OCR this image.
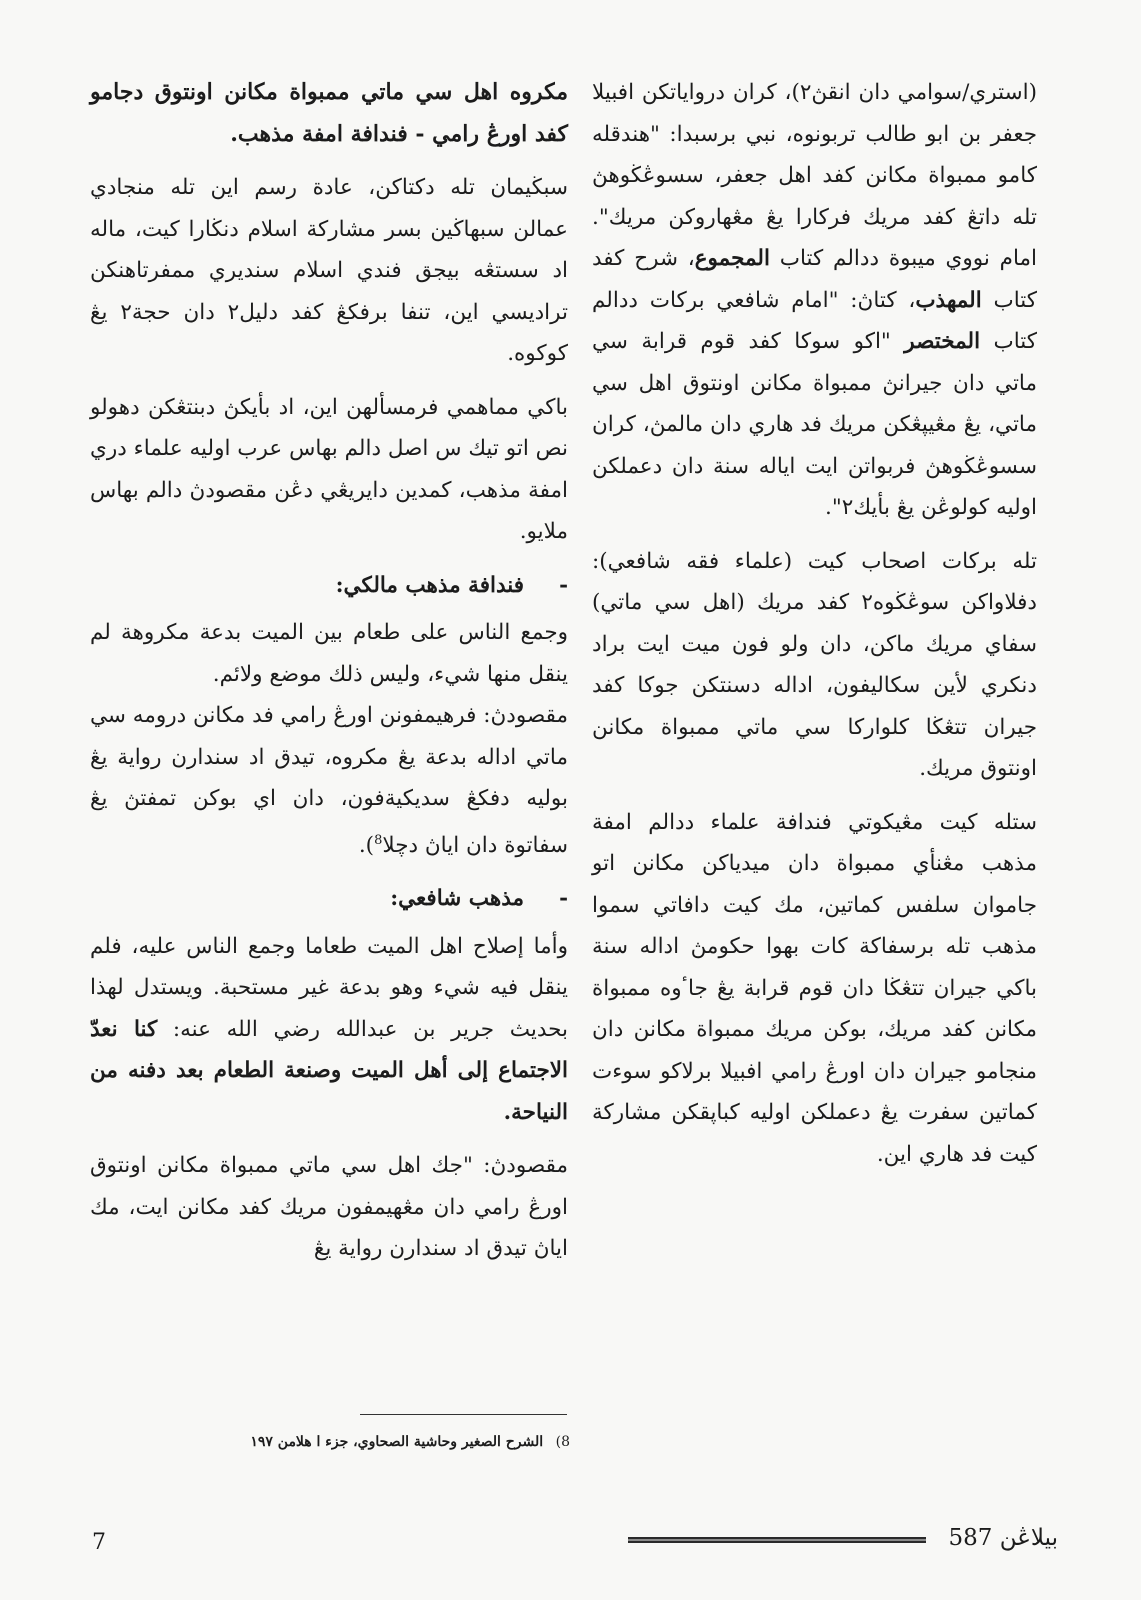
(استري/سوامي دان انقڽ٢)، كران درواياتكن افبيلا جعفر بن ابو طالب تربونوه، نبي برسبدا: "هندقله كامو ممبواة مكانن كفد اهل جعفر، سسوڠڬوهڽ تله داتڠ كفد مريك فركارا يڠ مڠهاروكن مريك". امام نووي ميبوة ددالم كتاب المجموع، شرح كفد كتاب المهذب، كتاڽ: "امام شافعي بركات ددالم كتاب المختصر "اكو سوكا كفد قوم قرابة سي ماتي دان جيرانڽ ممبواة مكانن اونتوق اهل سي ماتي، يڠ مڠيڽڠكن مريك فد هاري دان مالمڽ، كران سسوڠڬوهڽ فربواتن ايت اياله سنة دان دعملكن اوليه كولوڠن يڠ بأيك٢".

تله بركات اصحاب كيت (علماء فقه شافعي): دفلاواكن سوڠڬوه٢ كفد مريك (اهل سي ماتي) سفاي مريك ماكن، دان ولو فون ميت ايت براد دنكري لأين سكاليفون، اداله دسنتكن جوكا كفد جيران تتڠڬا كلواركا سي ماتي ممبواة مكانن اونتوق مريك.

ستله كيت مڠيكوتي فندافة علماء ددالم امفة مذهب مڠنأي ممبواة دان ميدياكن مكانن اتو جاموان سلفس كماتين، مك كيت دافاتي سموا مذهب تله برسفاكة كات بهوا حكومڽ اداله سنة باكي جيران تتڠڬا دان قوم قرابة يڠ جاٴوه ممبواة مكانن كفد مريك، بوكن مريك ممبواة مكانن دان منجامو جيران دان اورڠ رامي افبيلا برلاكو سوءت كماتين سفرت يڠ دعملكن اوليه كباڽقكن مشاركة كيت فد هاري اين.

مكروه اهل سي ماتي ممبواة مكانن اونتوق دجامو كفد اورڠ رامي - فندافة امفة مذهب.

سبڬيمان تله دكتاكن، عادة رسم اين تله منجادي عمالن سبهاڬين بسر مشاركة اسلام دنڬارا كيت، ماله اد سستڠه بيجق فندي اسلام سنديري ممفرتاهنكن تراديسي اين، تنفا برفكڠ كفد دليل٢ دان حجة٢ يڠ كوكوه.

باكي مماهمي فرمسألهن اين، اد بأيكڽ دبنتڠكن دهولو نص اتو تيك س اصل دالم بهاس عرب اوليه علماء دري امفة مذهب، كمدين دايريڠي دڠن مقصودڽ دالم بهاس ملايو.

-
فندافة مذهب مالكي:

وجمع الناس على طعام بين الميت بدعة مكروهة لم ينقل منها شيء، وليس ذلك موضع ولائم.

مقصودڽ: فرهيمفونن اورڠ رامي فد مكانن درومه سي ماتي اداله بدعة يڠ مكروه، تيدق اد سندارن رواية يڠ بوليه دفكڠ سديكيةفون، دان اي بوكن تمفتڽ يڠ سفاتوة دان اياڽ دچلا$^8$).

-
مذهب شافعي:

وأما إصلاح اهل الميت طعاما وجمع الناس عليه، فلم ينقل فيه شيء وهو بدعة غير مستحبة. ويستدل لهذا بحديث جرير بن عبدالله رضي الله عنه: كنا نعدّ الاجتماع إلى أهل الميت وصنعة الطعام بعد دفنه من النياحة.

مقصودڽ: "جك اهل سي ماتي ممبواة مكانن اونتوق اورڠ رامي دان مڠهيمفون مريك كفد مكانن ايت، مك اياڽ تيدق اد سندارن رواية يڠ

8) الشرح الصغير وحاشية الصحاوي، جزء ا هلامن ١٩٧
7	بيلاڠن 587
